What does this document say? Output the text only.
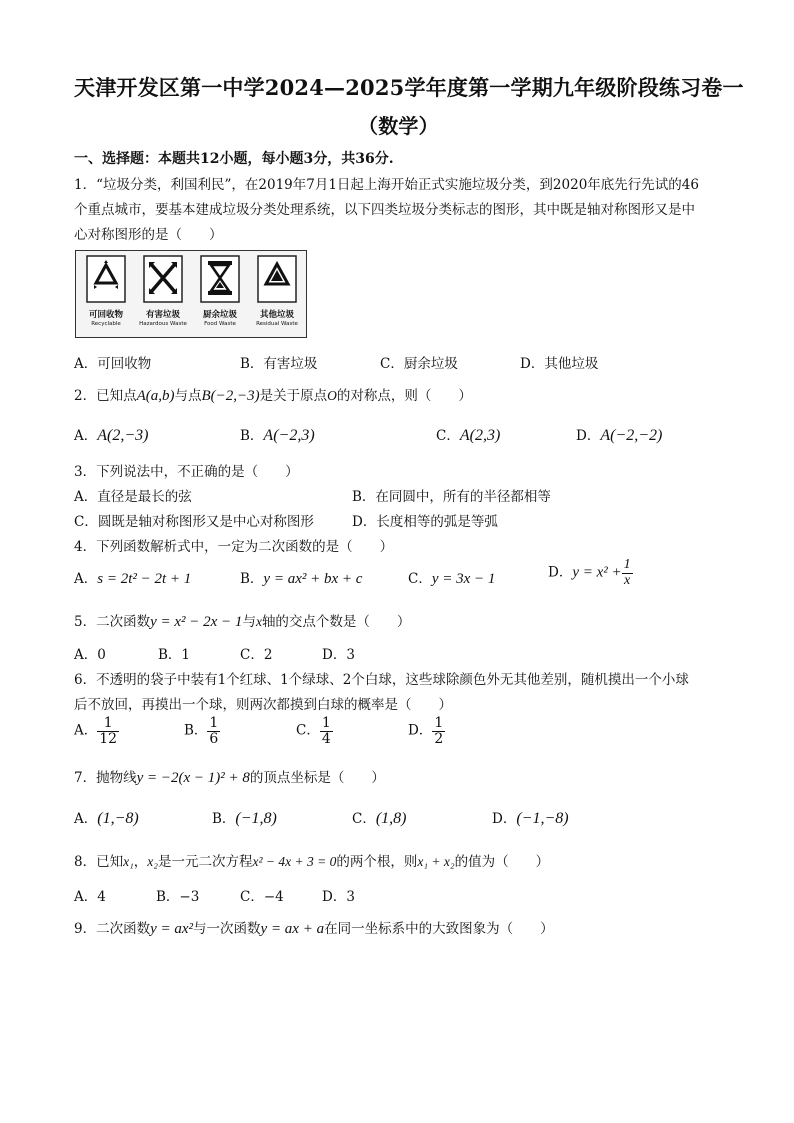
天津开发区第一中学2024—2025学年度第一学期九年级阶段练习卷一
（数学）
一、选择题：本题共12小题，每小题3分，共36分.
1．“垃圾分类，利国利民”，在2019年7月1日起上海开始正式实施垃圾分类，到2020年底先行先试的46
个重点城市，要基本建成垃圾分类处理系统，以下四类垃圾分类标志的图形，其中既是轴对称图形又是中
心对称图形的是（　　）
可回收物
Recyclable
有害垃圾
Hazardous Waste
厨余垃圾
Food Waste
其他垃圾
Residual Waste
A．可回收物	B．有害垃圾	C．厨余垃圾	D．其他垃圾
2．已知点A(a,b)与点B(−2,−3)是关于原点O的对称点，则（　　）
A．A(2,−3)	B．A(−2,3)	C．A(2,3)	D．A(−2,−2)
3．下列说法中，不正确的是（　　）
A．直径是最长的弦	B．在同圆中，所有的半径都相等
C．圆既是轴对称图形又是中心对称图形	D．长度相等的弧是等弧
4．下列函数解析式中，一定为二次函数的是（　　）
A．s = 2t² − 2t + 1	B．y = ax² + bx + c	C．y = 3x − 1	D．$y = x^2 + \frac{1}{x}$
5．二次函数y = x² − 2x − 1与x轴的交点个数是（　　）
A．0	B．1	C．2	D．3
6．不透明的袋子中装有1个红球、1个绿球、2个白球，这些球除颜色外无其他差别，随机摸出一个小球
后不放回，再摸出一个球，则两次都摸到白球的概率是（　　）
A． $\frac{1}{12}$	B． $\frac{1}{6}$	C． $\frac{1}{4}$	D． $\frac{1}{2}$
7．抛物线y = −2(x − 1)² + 8的顶点坐标是（　　）
A．(1,−8)	B．(−1,8)	C．(1,8)	D．(−1,−8)
8．已知x₁，x₂是一元二次方程x² − 4x + 3 = 0的两个根，则x₁ + x₂的值为（　　）
A．4	B．−3	C．−4	D．3
9．二次函数y = ax²与一次函数y = ax + a在同一坐标系中的大致图象为（　　）
